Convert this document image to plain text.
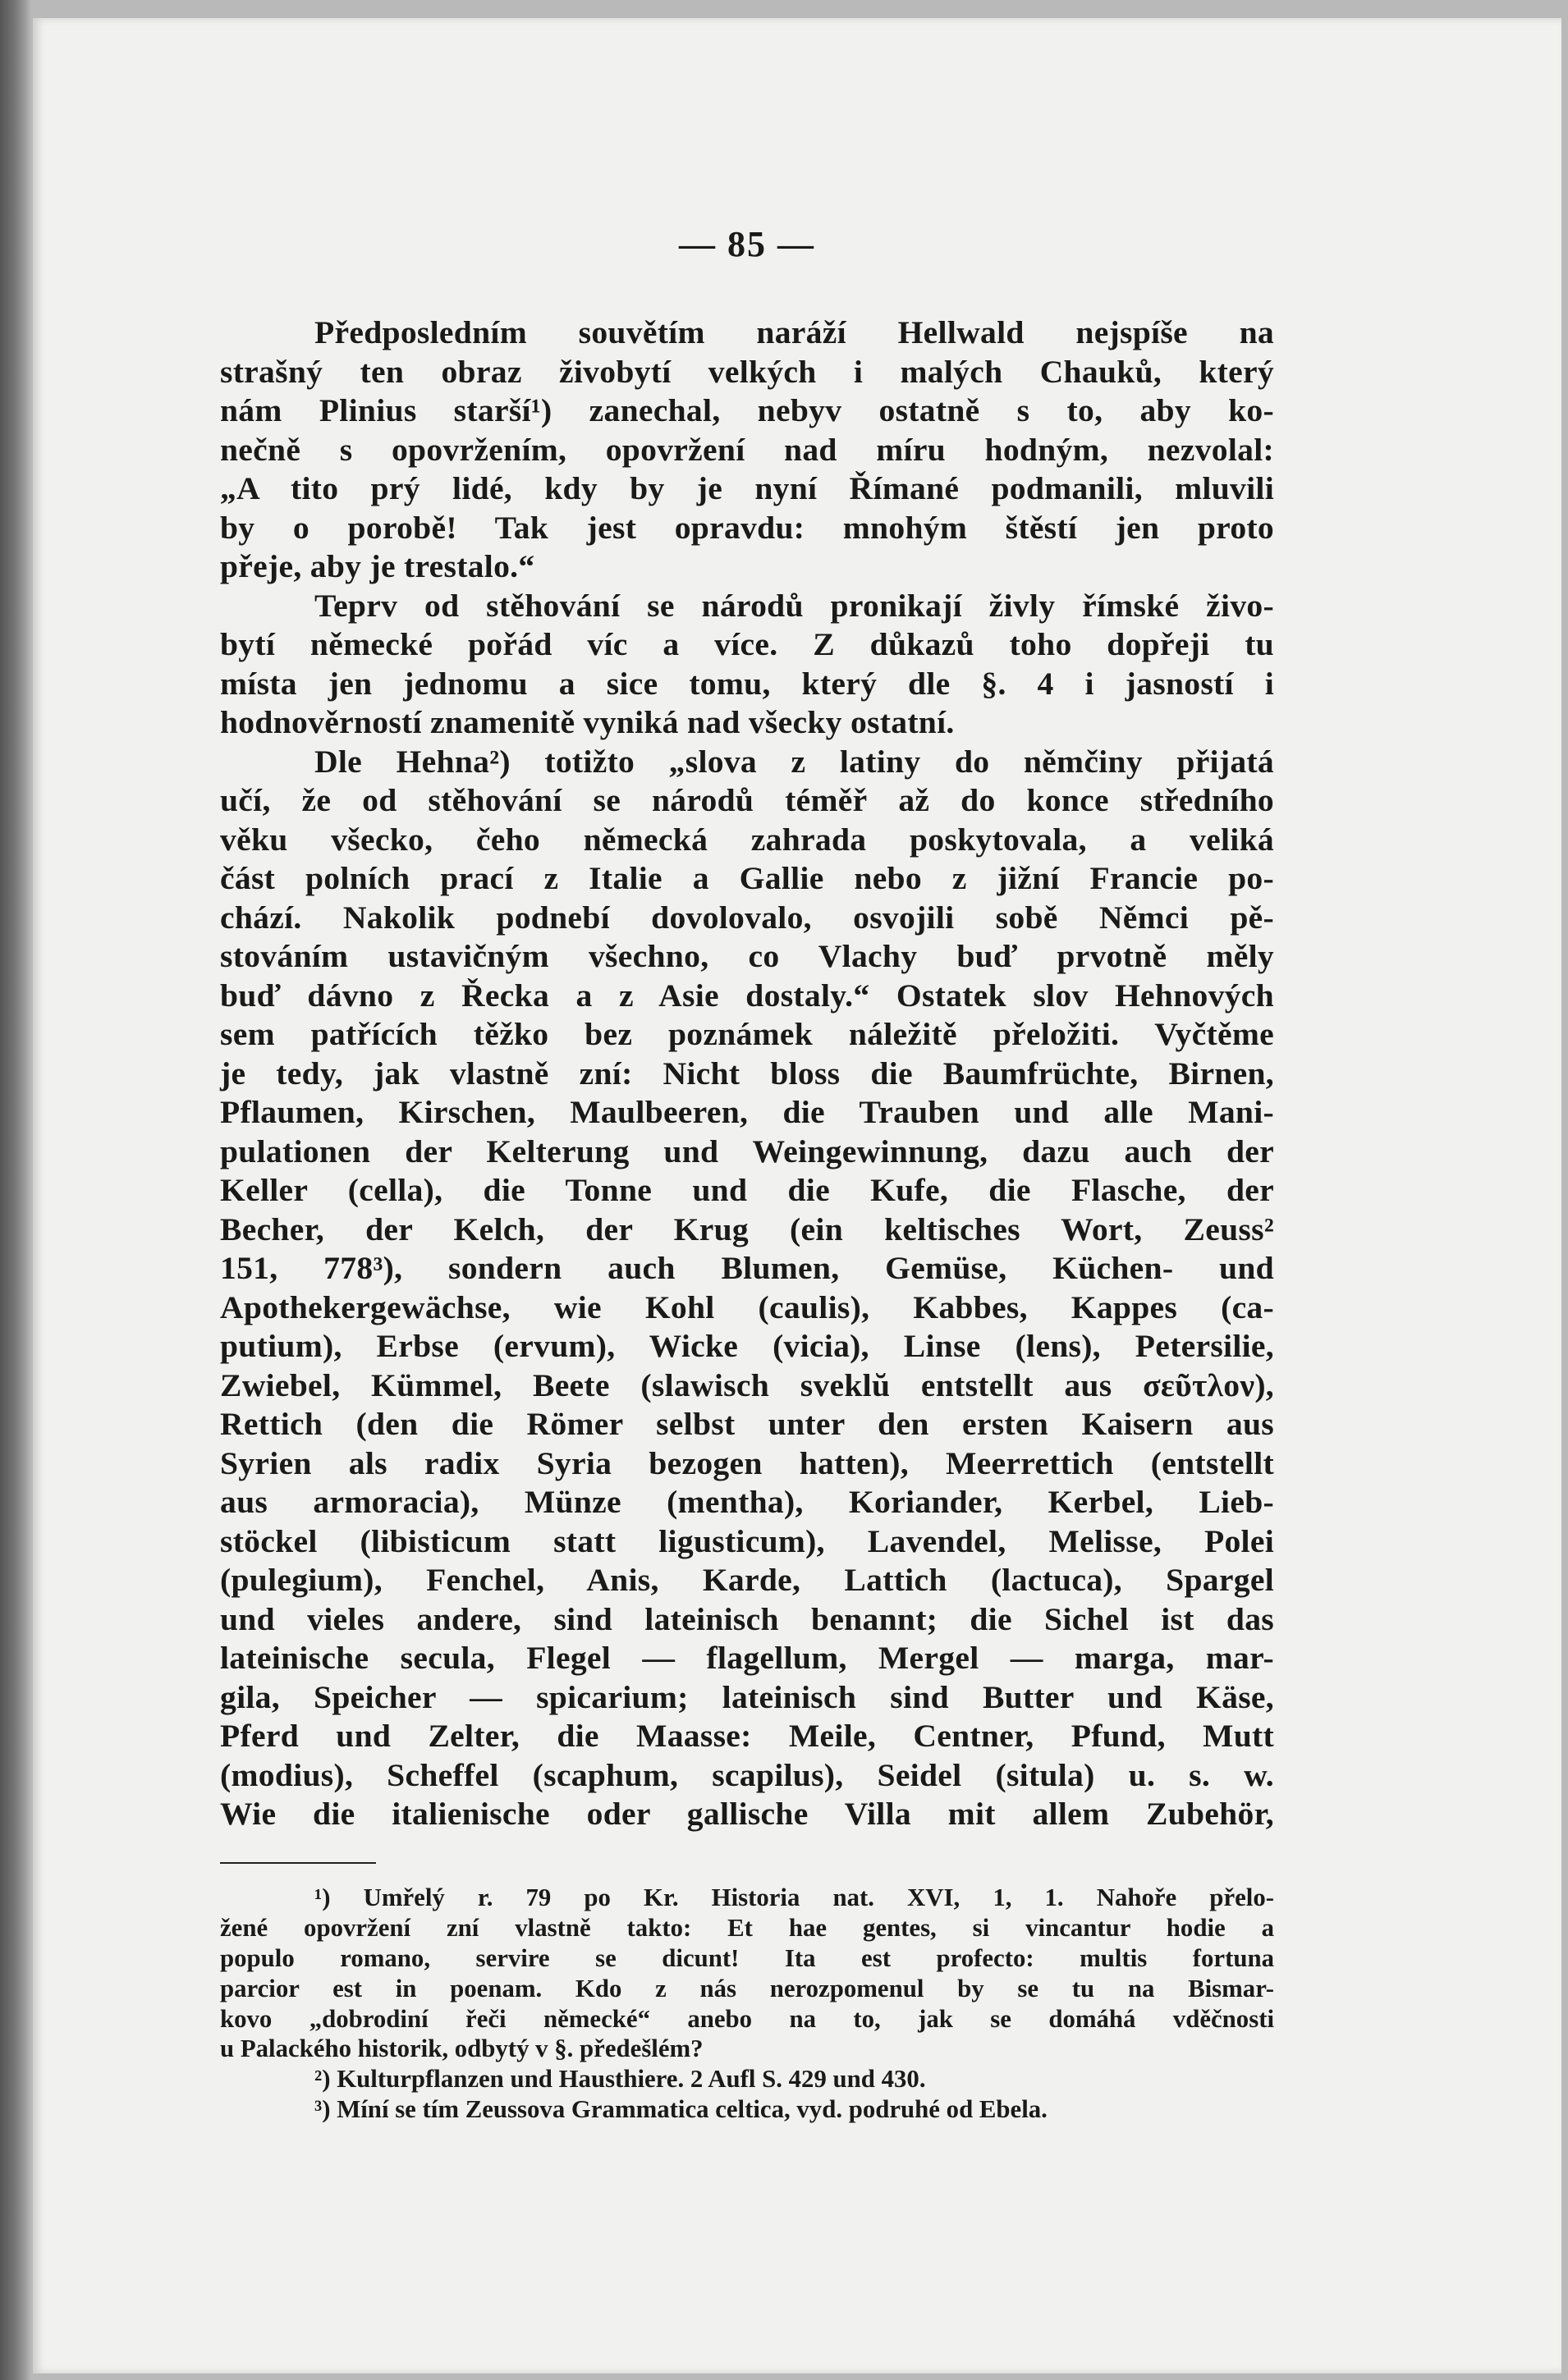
— 85 —
Předposledním souvětím naráží Hellwald nejspíše na
strašný ten obraz živobytí velkých i malých Chauků, který
nám Plinius starší¹) zanechal, nebyv ostatně s to, aby ko-
nečně s opovržením, opovržení nad míru hodným, nezvolal:
„A tito prý lidé, kdy by je nyní Římané podmanili, mluvili
by o porobě! Tak jest opravdu: mnohým štěstí jen proto
přeje, aby je trestalo.“
Teprv od stěhování se národů pronikají živly římské živo-
bytí německé pořád víc a více. Z důkazů toho dopřeji tu
místa jen jednomu a sice tomu, který dle §. 4 i jasností i
hodnověrností znamenitě vyniká nad všecky ostatní.
Dle Hehna²) totižto „slova z latiny do němčiny přijatá
učí, že od stěhování se národů téměř až do konce středního
věku všecko, čeho německá zahrada poskytovala, a veliká
část polních prací z Italie a Gallie nebo z jižní Francie po-
chází. Nakolik podnebí dovolovalo, osvojili sobě Němci pě-
stováním ustavičným všechno, co Vlachy buď prvotně měly
buď dávno z Řecka a z Asie dostaly.“ Ostatek slov Hehnových
sem patřících těžko bez poznámek náležitě přeložiti. Vyčtěme
je tedy, jak vlastně zní: Nicht bloss die Baumfrüchte, Birnen,
Pflaumen, Kirschen, Maulbeeren, die Trauben und alle Mani-
pulationen der Kelterung und Weingewinnung, dazu auch der
Keller (cella), die Tonne und die Kufe, die Flasche, der
Becher, der Kelch, der Krug (ein keltisches Wort, Zeuss²
151, 778³), sondern auch Blumen, Gemüse, Küchen- und
Apothekergewächse, wie Kohl (caulis), Kabbes, Kappes (ca-
putium), Erbse (ervum), Wicke (vicia), Linse (lens), Petersilie,
Zwiebel, Kümmel, Beete (slawisch sveklŭ entstellt aus σεῦτλον),
Rettich (den die Römer selbst unter den ersten Kaisern aus
Syrien als radix Syria bezogen hatten), Meerrettich (entstellt
aus armoracia), Münze (mentha), Koriander, Kerbel, Lieb-
stöckel (libisticum statt ligusticum), Lavendel, Melisse, Polei
(pulegium), Fenchel, Anis, Karde, Lattich (lactuca), Spargel
und vieles andere, sind lateinisch benannt; die Sichel ist das
lateinische secula, Flegel — flagellum, Mergel — marga, mar-
gila, Speicher — spicarium; lateinisch sind Butter und Käse,
Pferd und Zelter, die Maasse: Meile, Centner, Pfund, Mutt
(modius), Scheffel (scaphum, scapilus), Seidel (situla) u. s. w.
Wie die italienische oder gallische Villa mit allem Zubehör,
¹) Umřelý r. 79 po Kr. Historia nat. XVI, 1, 1. Nahoře přelo-
žené opovržení zní vlastně takto: Et hae gentes, si vincantur hodie a
populo romano, servire se dicunt! Ita est profecto: multis fortuna
parcior est in poenam. Kdo z nás nerozpomenul by se tu na Bismar-
kovo „dobrodiní řeči německé“ anebo na to, jak se domáhá vděčnosti
u Palackého historik, odbytý v §. předešlém?
²) Kulturpflanzen und Hausthiere. 2 Aufl S. 429 und 430.
³) Míní se tím Zeussova Grammatica celtica, vyd. podruhé od Ebela.
